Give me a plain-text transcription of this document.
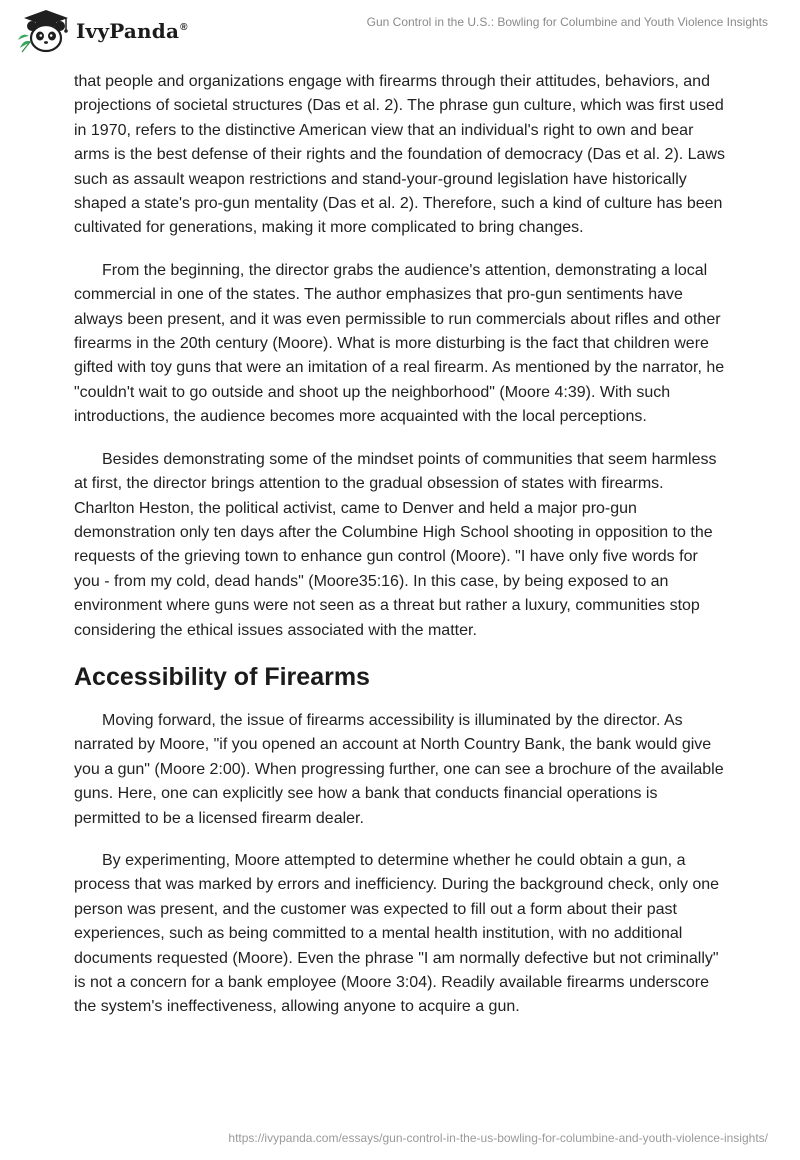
IvyPanda®	Gun Control in the U.S.: Bowling for Columbine and Youth Violence Insights

that people and organizations engage with firearms through their attitudes, behaviors, and projections of societal structures (Das et al. 2). The phrase gun culture, which was first used in 1970, refers to the distinctive American view that an individual's right to own and bear arms is the best defense of their rights and the foundation of democracy (Das et al. 2). Laws such as assault weapon restrictions and stand-your-ground legislation have historically shaped a state's pro-gun mentality (Das et al. 2). Therefore, such a kind of culture has been cultivated for generations, making it more complicated to bring changes.

From the beginning, the director grabs the audience's attention, demonstrating a local commercial in one of the states. The author emphasizes that pro-gun sentiments have always been present, and it was even permissible to run commercials about rifles and other firearms in the 20th century (Moore). What is more disturbing is the fact that children were gifted with toy guns that were an imitation of a real firearm. As mentioned by the narrator, he "couldn't wait to go outside and shoot up the neighborhood" (Moore 4:39). With such introductions, the audience becomes more acquainted with the local perceptions.

Besides demonstrating some of the mindset points of communities that seem harmless at first, the director brings attention to the gradual obsession of states with firearms. Charlton Heston, the political activist, came to Denver and held a major pro-gun demonstration only ten days after the Columbine High School shooting in opposition to the requests of the grieving town to enhance gun control (Moore). "I have only five words for you - from my cold, dead hands" (Moore35:16). In this case, by being exposed to an environment where guns were not seen as a threat but rather a luxury, communities stop considering the ethical issues associated with the matter.

Accessibility of Firearms

Moving forward, the issue of firearms accessibility is illuminated by the director. As narrated by Moore, "if you opened an account at North Country Bank, the bank would give you a gun" (Moore 2:00). When progressing further, one can see a brochure of the available guns. Here, one can explicitly see how a bank that conducts financial operations is permitted to be a licensed firearm dealer.

By experimenting, Moore attempted to determine whether he could obtain a gun, a process that was marked by errors and inefficiency. During the background check, only one person was present, and the customer was expected to fill out a form about their past experiences, such as being committed to a mental health institution, with no additional documents requested (Moore). Even the phrase "I am normally defective but not criminally" is not a concern for a bank employee (Moore 3:04). Readily available firearms underscore the system's ineffectiveness, allowing anyone to acquire a gun.

https://ivypanda.com/essays/gun-control-in-the-us-bowling-for-columbine-and-youth-violence-insights/
